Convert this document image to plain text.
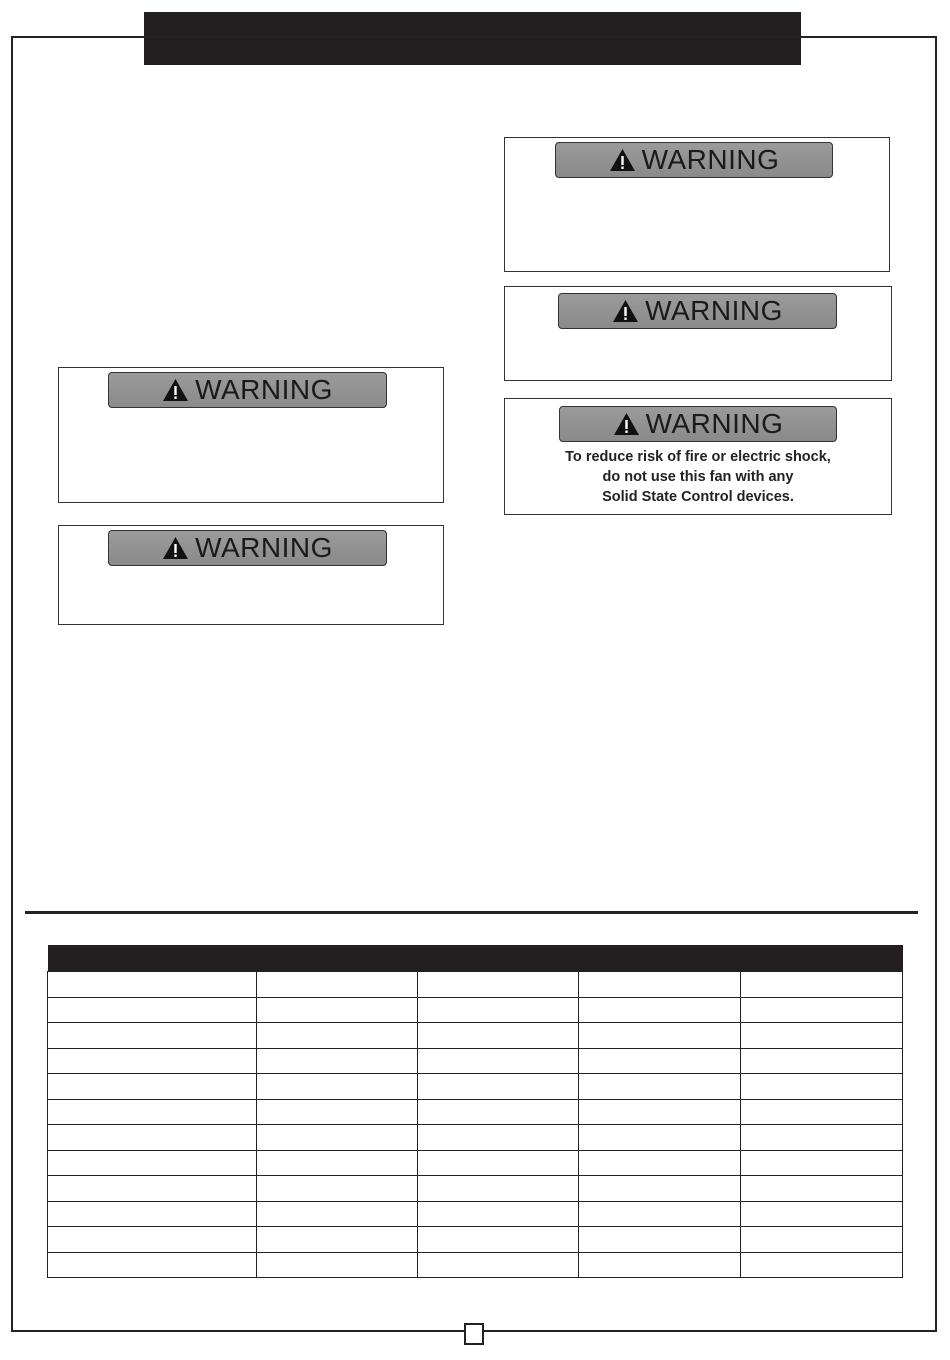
WARNING
WARNING
WARNING
To reduce risk of fire or electric shock,
do not use this fan with any
Solid State Control devices.
WARNING
WARNING
